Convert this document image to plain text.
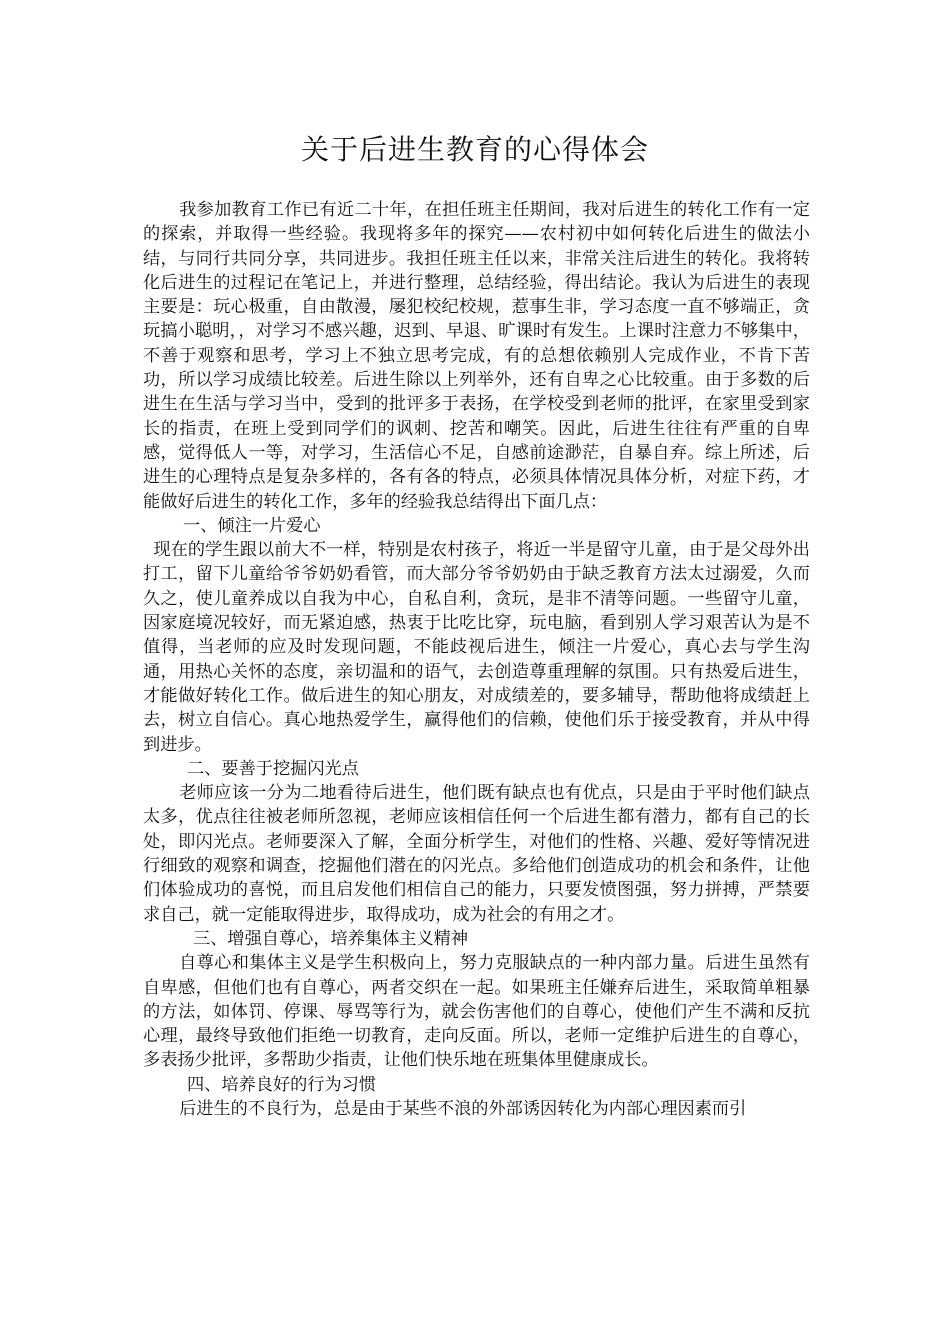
关于后进生教育的心得体会

我参加教育工作已有近二十年，在担任班主任期间，我对后进生的转化工作有一定的探索，并取得一些经验。我现将多年的探究——农村初中如何转化后进生的做法小结，与同行共同分享，共同进步。我担任班主任以来，非常关注后进生的转化。我将转化后进生的过程记在笔记上，并进行整理，总结经验，得出结论。我认为后进生的表现主要是：玩心极重，自由散漫，屡犯校纪校规，惹事生非，学习态度一直不够端正，贪玩搞小聪明，，对学习不感兴趣，迟到、早退、旷课时有发生。上课时注意力不够集中，不善于观察和思考，学习上不独立思考完成，有的总想依赖别人完成作业，不肯下苦功，所以学习成绩比较差。后进生除以上列举外，还有自卑之心比较重。由于多数的后进生在生活与学习当中，受到的批评多于表扬，在学校受到老师的批评，在家里受到家长的指责，在班上受到同学们的讽刺、挖苦和嘲笑。因此，后进生往往有严重的自卑感，觉得低人一等，对学习，生活信心不足，自感前途渺茫，自暴自弃。综上所述，后进生的心理特点是复杂多样的，各有各的特点，必须具体情况具体分析，对症下药，才能做好后进生的转化工作，多年的经验我总结得出下面几点：

一、倾注一片爱心

现在的学生跟以前大不一样，特别是农村孩子，将近一半是留守儿童，由于是父母外出打工，留下儿童给爷爷奶奶看管，而大部分爷爷奶奶由于缺乏教育方法太过溺爱，久而久之，使儿童养成以自我为中心，自私自利，贪玩，是非不清等问题。一些留守儿童，因家庭境况较好，而无紧迫感，热衷于比吃比穿，玩电脑，看到别人学习艰苦认为是不值得，当老师的应及时发现问题，不能歧视后进生，倾注一片爱心，真心去与学生沟通，用热心关怀的态度，亲切温和的语气，去创造尊重理解的氛围。只有热爱后进生，才能做好转化工作。做后进生的知心朋友，对成绩差的，要多辅导，帮助他将成绩赶上去，树立自信心。真心地热爱学生，赢得他们的信赖，使他们乐于接受教育，并从中得到进步。

二、要善于挖掘闪光点

老师应该一分为二地看待后进生，他们既有缺点也有优点，只是由于平时他们缺点太多，优点往往被老师所忽视，老师应该相信任何一个后进生都有潜力，都有自己的长处，即闪光点。老师要深入了解，全面分析学生，对他们的性格、兴趣、爱好等情况进行细致的观察和调查，挖掘他们潜在的闪光点。多给他们创造成功的机会和条件，让他们体验成功的喜悦，而且启发他们相信自己的能力，只要发愤图强，努力拼搏，严禁要求自己，就一定能取得进步，取得成功，成为社会的有用之才。

三、增强自尊心，培养集体主义精神

自尊心和集体主义是学生积极向上，努力克服缺点的一种内部力量。后进生虽然有自卑感，但他们也有自尊心，两者交织在一起。如果班主任嫌弃后进生，采取简单粗暴的方法，如体罚、停课、辱骂等行为，就会伤害他们的自尊心，使他们产生不满和反抗心理，最终导致他们拒绝一切教育，走向反面。所以，老师一定维护后进生的自尊心，多表扬少批评，多帮助少指责，让他们快乐地在班集体里健康成长。

四、培养良好的行为习惯

后进生的不良行为，总是由于某些不浪的外部诱因转化为内部心理因素而引
